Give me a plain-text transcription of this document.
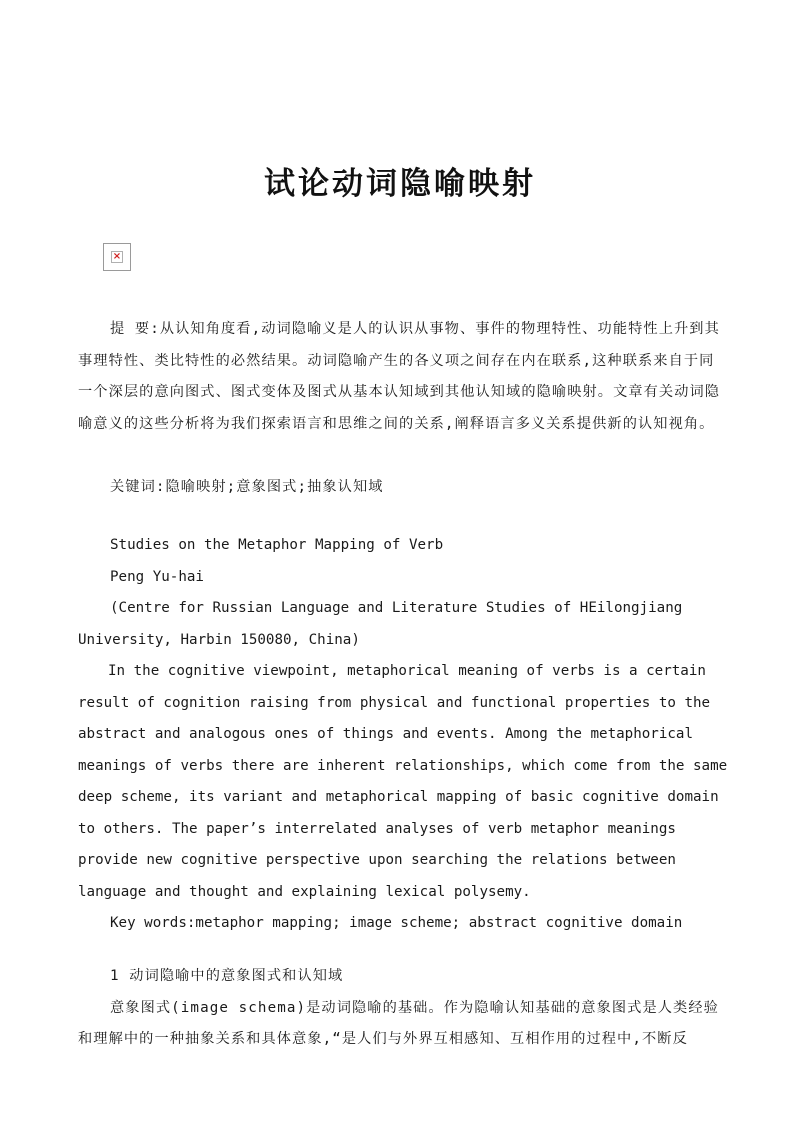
试论动词隐喻映射
×

提 要:从认知角度看,动词隐喻义是人的认识从事物、事件的物理特性、功能特性上升到其事理特性、类比特性的必然结果。动词隐喻产生的各义项之间存在内在联系,这种联系来自于同一个深层的意向图式、图式变体及图式从基本认知域到其他认知域的隐喻映射。文章有关动词隐喻意义的这些分析将为我们探索语言和思维之间的关系,阐释语言多义关系提供新的认知视角。

关键词:隐喻映射;意象图式;抽象认知域

Studies on the Metaphor Mapping of Verb

Peng Yu-hai

(Centre for Russian Language and Literature Studies of HEilongjiang University, Harbin 150080, China)

In the cognitive viewpoint, metaphorical meaning of verbs is a certain result of cognition raising from physical and functional properties to the abstract and analogous ones of things and events. Among the metaphorical meanings of verbs there are inherent relationships, which come from the same deep scheme, its variant and metaphorical mapping of basic cognitive domain to others. The paper’s interrelated analyses of verb metaphor meanings provide new cognitive perspective upon searching the relations between language and thought and explaining lexical polysemy.

Key words:metaphor mapping; image scheme; abstract cognitive domain

1 动词隐喻中的意象图式和认知域

意象图式(image schema)是动词隐喻的基础。作为隐喻认知基础的意象图式是人类经验和理解中的一种抽象关系和具体意象,“是人们与外界互相感知、互相作用的过程中,不断反
